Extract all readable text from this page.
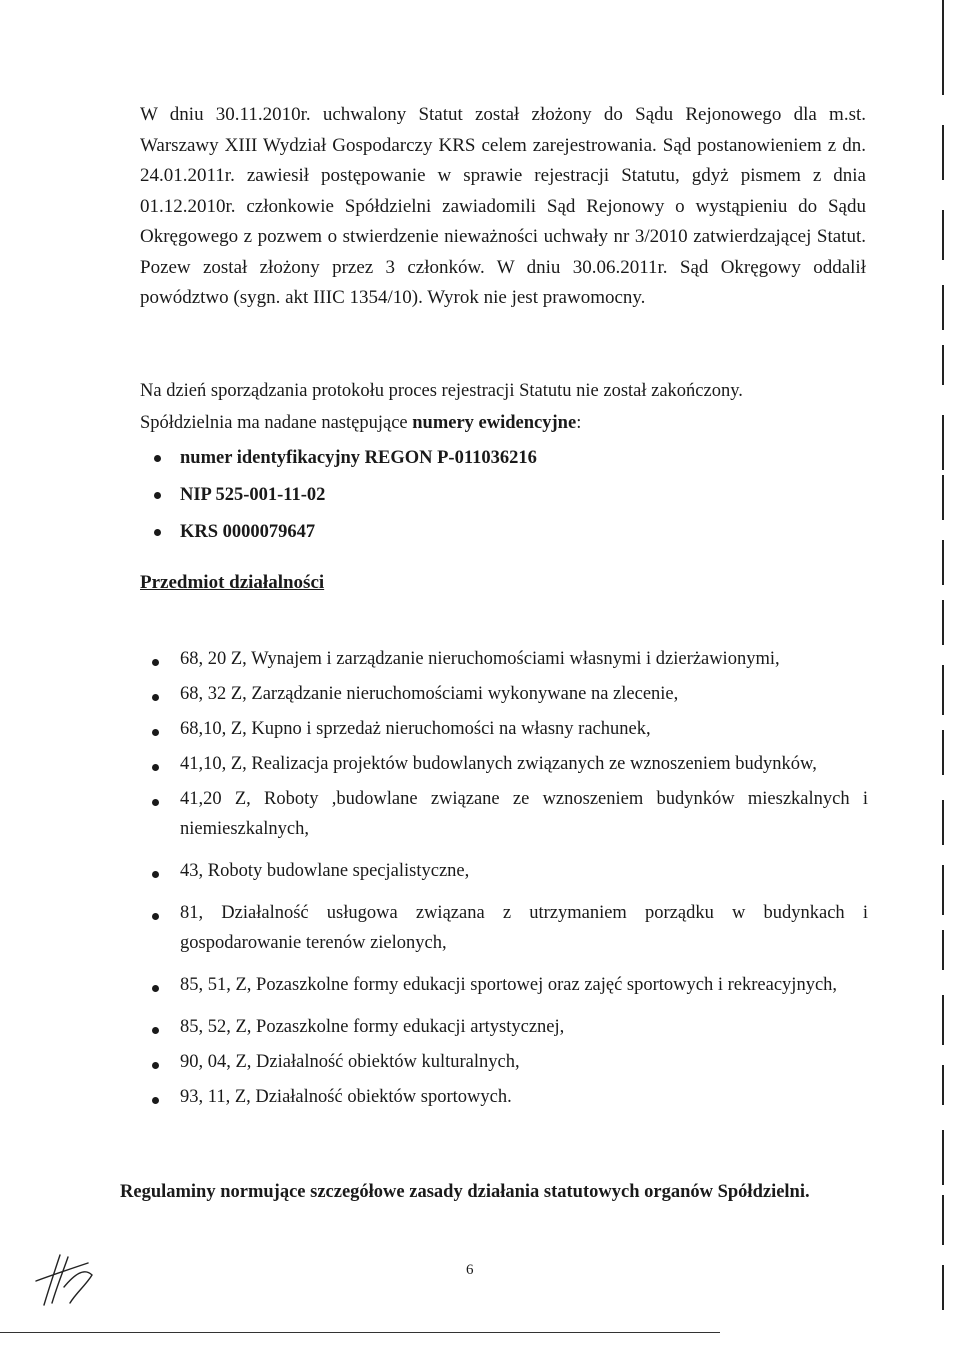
W dniu 30.11.2010r. uchwalony Statut został złożony do Sądu Rejonowego dla m.st. Warszawy XIII Wydział Gospodarczy KRS celem zarejestrowania. Sąd postanowieniem z dn. 24.01.2011r. zawiesił postępowanie w sprawie rejestracji Statutu, gdyż pismem z dnia 01.12.2010r. członkowie Spółdzielni zawiadomili Sąd Rejonowy o wystąpieniu do Sądu Okręgowego z pozwem o stwierdzenie nieważności uchwały nr 3/2010 zatwierdzającej Statut. Pozew został złożony przez 3 członków. W dniu 30.06.2011r. Sąd Okręgowy oddalił powództwo (sygn. akt IIIC 1354/10). Wyrok nie jest prawomocny.

Na dzień sporządzania protokołu proces rejestracji Statutu nie został zakończony.

Spółdzielnia ma nadane następujące numery ewidencyjne:

numer identyfikacyjny REGON P-011036216
NIP 525-001-11-02
KRS 0000079647
Przedmiot działalności
68, 20 Z, Wynajem i zarządzanie nieruchomościami własnymi i dzierżawionymi,
68, 32 Z, Zarządzanie nieruchomościami wykonywane na zlecenie,
68,10, Z, Kupno i sprzedaż nieruchomości na własny rachunek,
41,10, Z, Realizacja projektów budowlanych związanych ze wznoszeniem budynków,
41,20 Z, Roboty ,budowlane związane ze wznoszeniem budynków mieszkalnych i niemieszkalnych,
43, Roboty budowlane specjalistyczne,
81, Działalność usługowa związana z utrzymaniem porządku w budynkach i gospodarowanie terenów zielonych,
85, 51, Z, Pozaszkolne formy edukacji sportowej oraz zajęć sportowych i rekreacyjnych,
85, 52, Z, Pozaszkolne formy edukacji artystycznej,
90, 04, Z, Działalność obiektów kulturalnych,
93, 11, Z, Działalność obiektów sportowych.

Regulaminy normujące szczegółowe zasady działania statutowych organów Spółdzielni.

6
